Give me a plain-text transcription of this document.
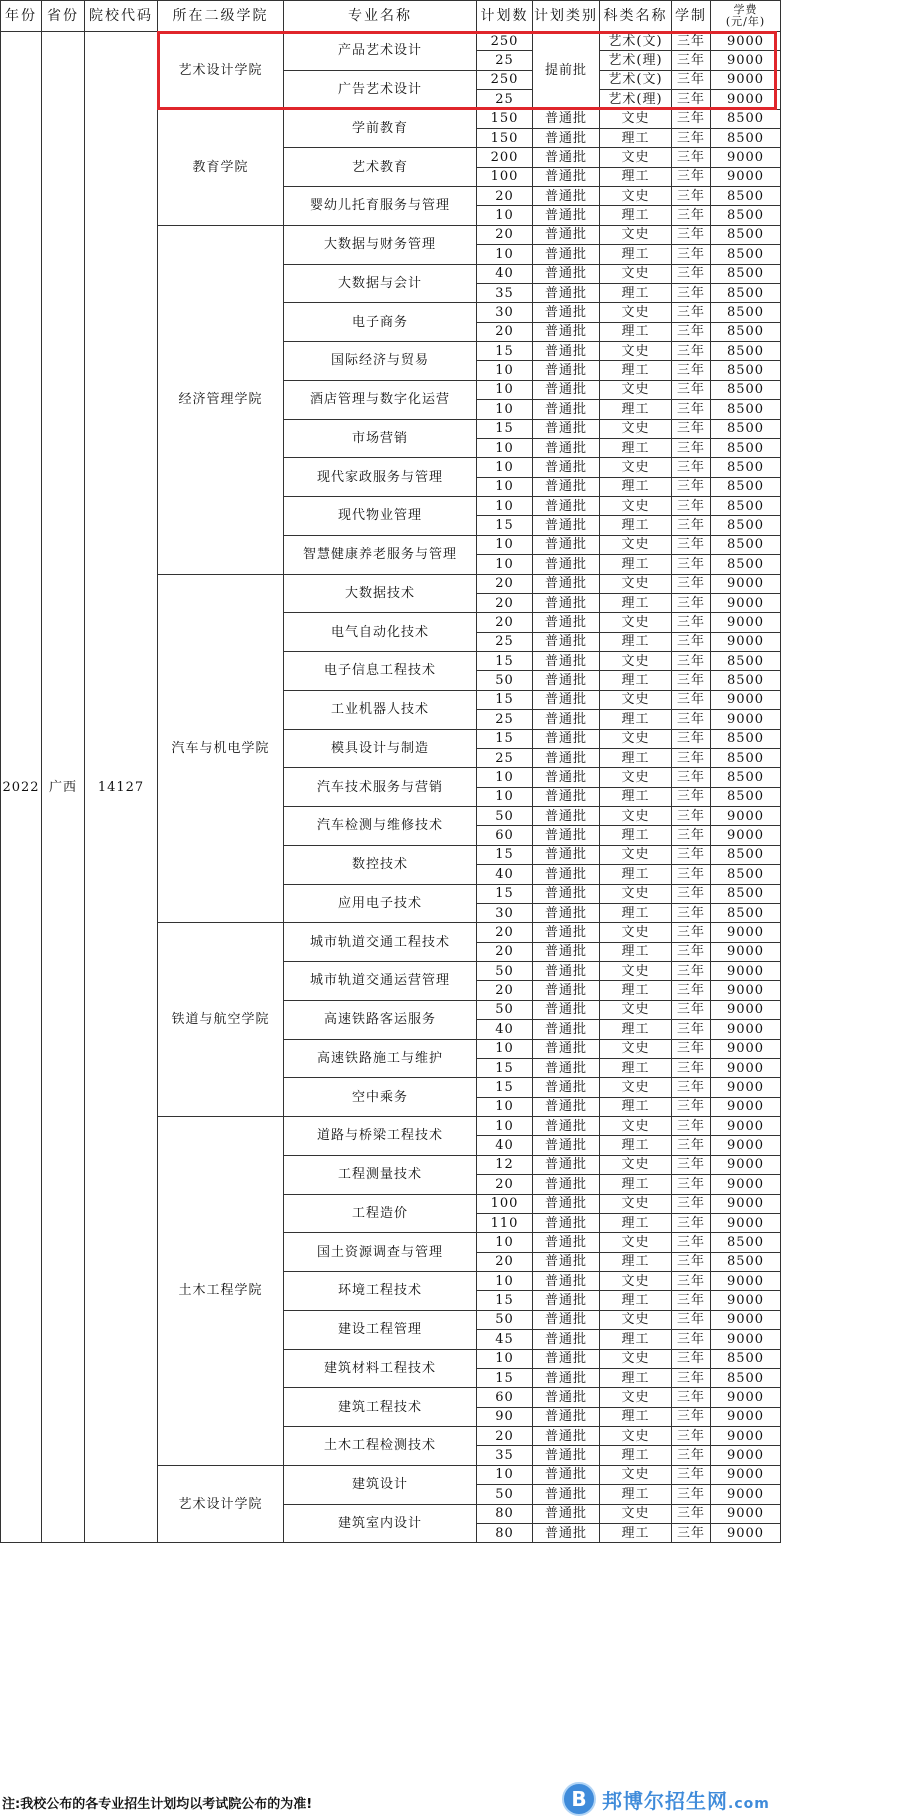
年份	省份	院校代码	所在二级学院	专业名称	计划数	计划类别	科类名称	学制	学费
(元/年)
2022	广西	14127	艺术设计学院	产品艺术设计	250	提前批	艺术(文)	三年	9000
					25		艺术(理)	三年	9000
				广告艺术设计	250		艺术(文)	三年	9000
					25		艺术(理)	三年	9000
			教育学院	学前教育	150	普通批	文史	三年	8500
					150	普通批	理工	三年	8500
				艺术教育	200	普通批	文史	三年	9000
					100	普通批	理工	三年	9000
				婴幼儿托育服务与管理	20	普通批	文史	三年	8500
					10	普通批	理工	三年	8500
			经济管理学院	大数据与财务管理	20	普通批	文史	三年	8500
					10	普通批	理工	三年	8500
				大数据与会计	40	普通批	文史	三年	8500
					35	普通批	理工	三年	8500
				电子商务	30	普通批	文史	三年	8500
					20	普通批	理工	三年	8500
				国际经济与贸易	15	普通批	文史	三年	8500
					10	普通批	理工	三年	8500
				酒店管理与数字化运营	10	普通批	文史	三年	8500
					10	普通批	理工	三年	8500
				市场营销	15	普通批	文史	三年	8500
					10	普通批	理工	三年	8500
				现代家政服务与管理	10	普通批	文史	三年	8500
					10	普通批	理工	三年	8500
				现代物业管理	10	普通批	文史	三年	8500
					15	普通批	理工	三年	8500
				智慧健康养老服务与管理	10	普通批	文史	三年	8500
					10	普通批	理工	三年	8500
			汽车与机电学院	大数据技术	20	普通批	文史	三年	9000
					20	普通批	理工	三年	9000
				电气自动化技术	20	普通批	文史	三年	9000
					25	普通批	理工	三年	9000
				电子信息工程技术	15	普通批	文史	三年	8500
					50	普通批	理工	三年	8500
				工业机器人技术	15	普通批	文史	三年	9000
					25	普通批	理工	三年	9000
				模具设计与制造	15	普通批	文史	三年	8500
					25	普通批	理工	三年	8500
				汽车技术服务与营销	10	普通批	文史	三年	8500
					10	普通批	理工	三年	8500
				汽车检测与维修技术	50	普通批	文史	三年	9000
					60	普通批	理工	三年	9000
				数控技术	15	普通批	文史	三年	8500
					40	普通批	理工	三年	8500
				应用电子技术	15	普通批	文史	三年	8500
					30	普通批	理工	三年	8500
			铁道与航空学院	城市轨道交通工程技术	20	普通批	文史	三年	9000
					20	普通批	理工	三年	9000
				城市轨道交通运营管理	50	普通批	文史	三年	9000
					20	普通批	理工	三年	9000
				高速铁路客运服务	50	普通批	文史	三年	9000
					40	普通批	理工	三年	9000
				高速铁路施工与维护	10	普通批	文史	三年	9000
					15	普通批	理工	三年	9000
				空中乘务	15	普通批	文史	三年	9000
					10	普通批	理工	三年	9000
			土木工程学院	道路与桥梁工程技术	10	普通批	文史	三年	9000
					40	普通批	理工	三年	9000
				工程测量技术	12	普通批	文史	三年	9000
					20	普通批	理工	三年	9000
				工程造价	100	普通批	文史	三年	9000
					110	普通批	理工	三年	9000
				国土资源调查与管理	10	普通批	文史	三年	8500
					20	普通批	理工	三年	8500
				环境工程技术	10	普通批	文史	三年	9000
					15	普通批	理工	三年	9000
				建设工程管理	50	普通批	文史	三年	9000
					45	普通批	理工	三年	9000
				建筑材料工程技术	10	普通批	文史	三年	8500
					15	普通批	理工	三年	8500
				建筑工程技术	60	普通批	文史	三年	9000
					90	普通批	理工	三年	9000
				土木工程检测技术	20	普通批	文史	三年	9000
					35	普通批	理工	三年	9000
			艺术设计学院	建筑设计	10	普通批	文史	三年	9000
					50	普通批	理工	三年	9000
				建筑室内设计	80	普通批	文史	三年	9000
					80	普通批	理工	三年	9000
注:我校公布的各专业招生计划均以考试院公布的为准!	B 邦博尔招生网.com
